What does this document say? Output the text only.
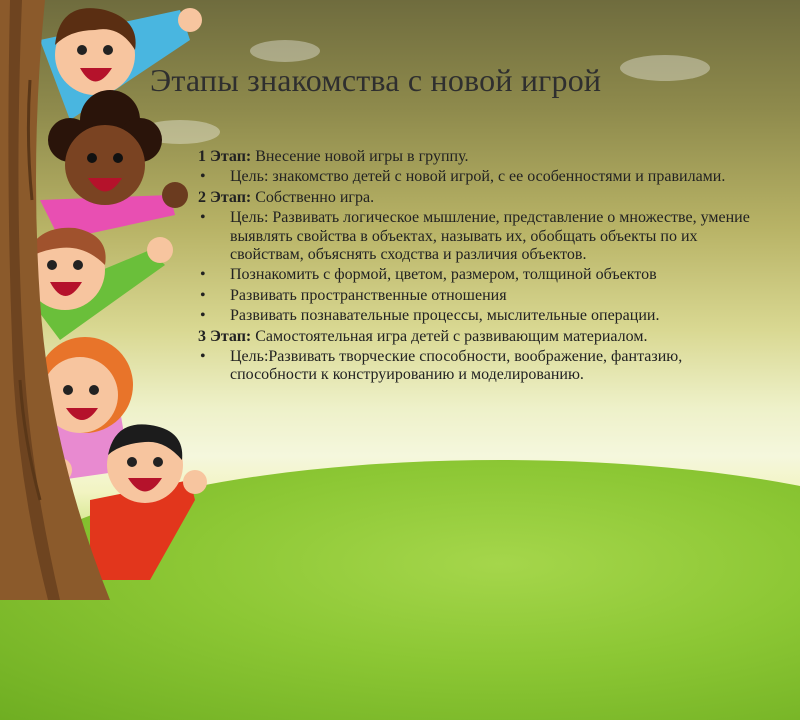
Этапы знакомства с новой игрой
1 Этап: Внесение новой игры в группу.
• Цель: знакомство детей с новой игрой, с ее особенностями и правилами.
2 Этап: Собственно игра.
• Цель: Развивать логическое мышление, представление о множестве, умение выявлять свойства в объектах, называть их, обобщать объекты по их свойствам, объяснять сходства и различия объектов.
• Познакомить с формой, цветом, размером, толщиной объектов
• Развивать пространственные отношения
• Развивать познавательные процессы, мыслительные операции.
3 Этап: Самостоятельная игра детей с развивающим материалом.
• Цель:Развивать творческие способности, воображение, фантазию, способности к конструированию и моделированию.
